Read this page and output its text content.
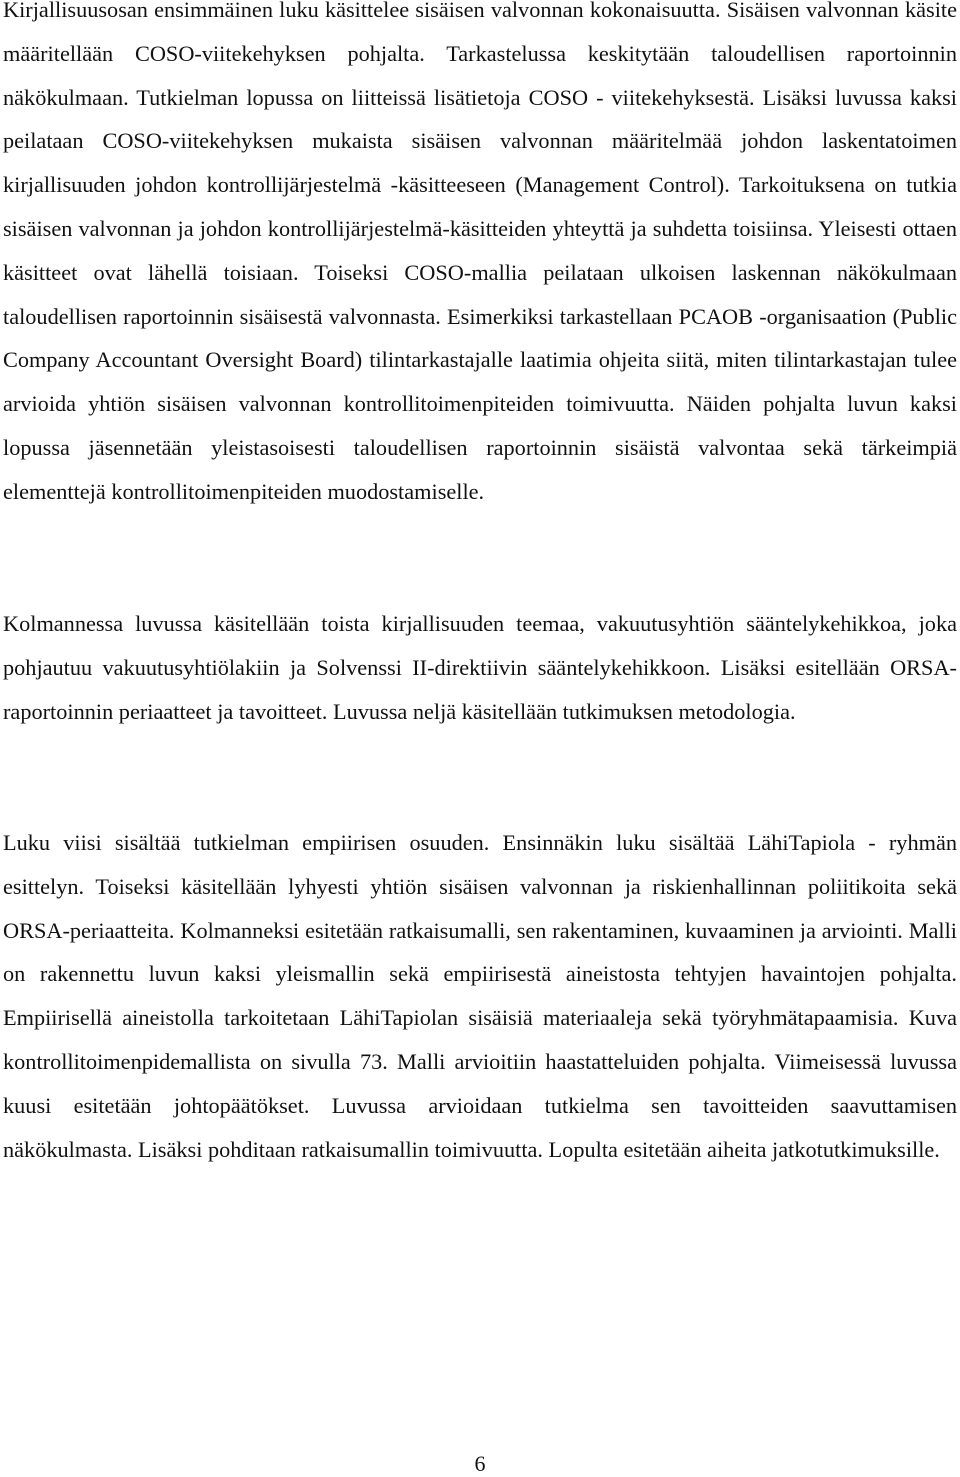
Kirjallisuusosan ensimmäinen luku käsittelee sisäisen valvonnan kokonaisuutta. Sisäisen valvonnan käsite määritellään COSO-viitekehyksen pohjalta. Tarkastelussa keskitytään taloudellisen raportoinnin näkökulmaan. Tutkielman lopussa on liitteissä lisätietoja COSO - viitekehyksestä. Lisäksi luvussa kaksi peilataan COSO-viitekehyksen mukaista sisäisen valvonnan määritelmää johdon laskentatoimen kirjallisuuden johdon kontrollijärjestelmä -käsitteeseen (Management Control). Tarkoituksena on tutkia sisäisen valvonnan ja johdon kontrollijärjestelmä-käsitteiden yhteyttä ja suhdetta toisiinsa. Yleisesti ottaen käsitteet ovat lähellä toisiaan. Toiseksi COSO-mallia peilataan ulkoisen laskennan näkökulmaan taloudellisen raportoinnin sisäisestä valvonnasta. Esimerkiksi tarkastellaan PCAOB -organisaation (Public Company Accountant Oversight Board) tilintarkastajalle laatimia ohjeita siitä, miten tilintarkastajan tulee arvioida yhtiön sisäisen valvonnan kontrollitoimenpiteiden toimivuutta. Näiden pohjalta luvun kaksi lopussa jäsennetään yleistasoisesti taloudellisen raportoinnin sisäistä valvontaa sekä tärkeimpiä elementtejä kontrollitoimenpiteiden muodostamiselle.

Kolmannessa luvussa käsitellään toista kirjallisuuden teemaa, vakuutusyhtiön sääntelykehikkoa, joka pohjautuu vakuutusyhtiölakiin ja Solvenssi II-direktiivin sääntelykehikkoon. Lisäksi esitellään ORSA-raportoinnin periaatteet ja tavoitteet. Luvussa neljä käsitellään tutkimuksen metodologia.

Luku viisi sisältää tutkielman empiirisen osuuden. Ensinnäkin luku sisältää LähiTapiola - ryhmän esittelyn. Toiseksi käsitellään lyhyesti yhtiön sisäisen valvonnan ja riskienhallinnan poliitikoita sekä ORSA-periaatteita. Kolmanneksi esitetään ratkaisumalli, sen rakentaminen, kuvaaminen ja arviointi. Malli on rakennettu luvun kaksi yleismallin sekä empiirisestä aineistosta tehtyjen havaintojen pohjalta. Empiirisellä aineistolla tarkoitetaan LähiTapiolan sisäisiä materiaaleja sekä työryhmätapaamisia. Kuva kontrollitoimenpidemallista on sivulla 73. Malli arvioitiin haastatteluiden pohjalta. Viimeisessä luvussa kuusi esitetään johtopäätökset. Luvussa arvioidaan tutkielma sen tavoitteiden saavuttamisen näkökulmasta. Lisäksi pohditaan ratkaisumallin toimivuutta. Lopulta esitetään aiheita jatkotutkimuksille.

6
